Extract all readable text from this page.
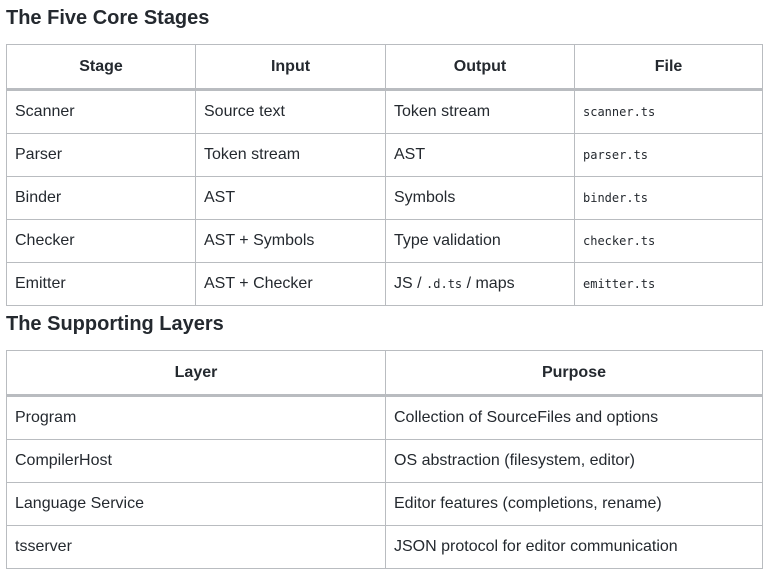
The Five Core Stages
Stage	Input	Output	File
Scanner	Source text	Token stream	scanner.ts
Parser	Token stream	AST	parser.ts
Binder	AST	Symbols	binder.ts
Checker	AST + Symbols	Type validation	checker.ts
Emitter	AST + Checker	JS / .d.ts / maps	emitter.ts
The Supporting Layers
Layer	Purpose
Program	Collection of SourceFiles and options
CompilerHost	OS abstraction (filesystem, editor)
Language Service	Editor features (completions, rename)
tsserver	JSON protocol for editor communication
